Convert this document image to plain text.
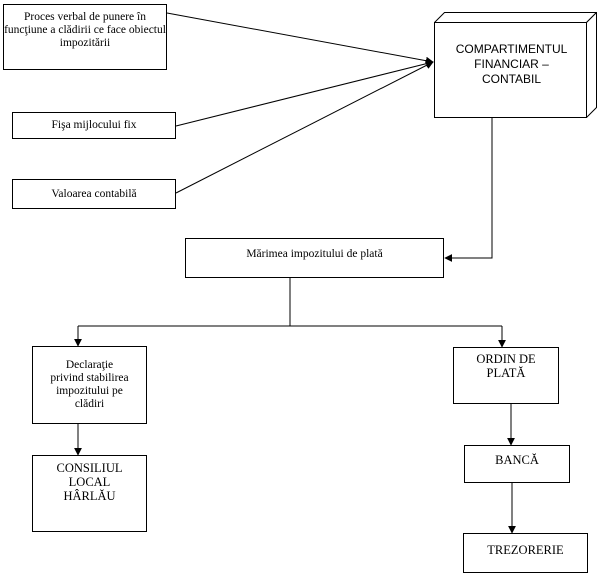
Proces verbal de punere în funcţiune a clădirii ce face obiectul impozitării
Fişa mijlocului fix
Valoarea contabilă
COMPARTIMENTUL
FINANCIAR –
CONTABIL
Mărimea impozitului de plată
Declaraţie
privind stabilirea
impozitului pe
clădiri
CONSILIUL
LOCAL
HÂRLĂU
ORDIN DE
PLATĂ
BANCĂ
TREZORERIE
